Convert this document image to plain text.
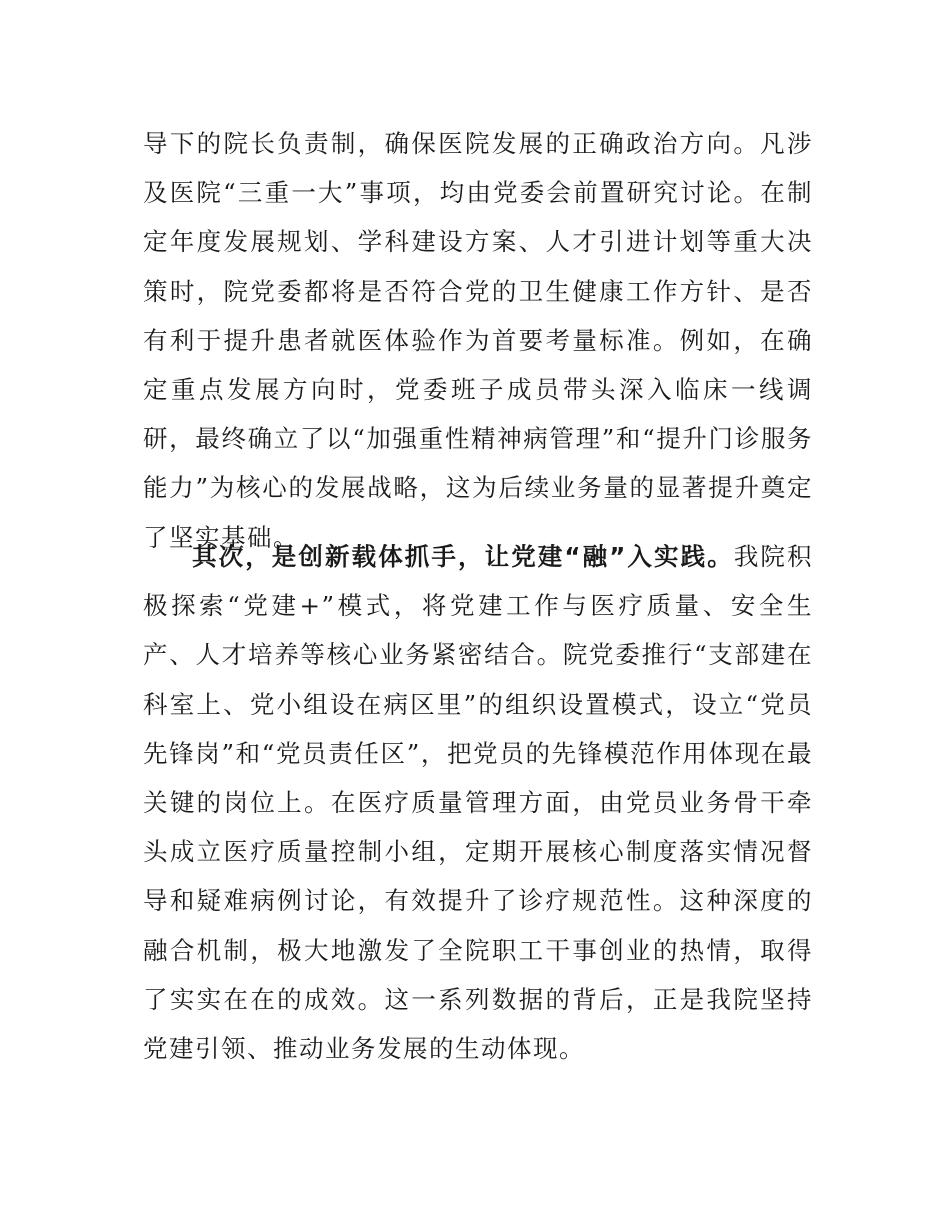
导下的院长负责制，确保医院发展的正确政治方向。凡涉及医院“三重一大”事项，均由党委会前置研究讨论。在制定年度发展规划、学科建设方案、人才引进计划等重大决策时，院党委都将是否符合党的卫生健康工作方针、是否有利于提升患者就医体验作为首要考量标准。例如，在确定重点发展方向时，党委班子成员带头深入临床一线调研，最终确立了以“加强重性精神病管理”和“提升门诊服务能力”为核心的发展战略，这为后续业务量的显著提升奠定了坚实基础。

其次，是创新载体抓手，让党建“融”入实践。我院积极探索“党建+”模式，将党建工作与医疗质量、安全生产、人才培养等核心业务紧密结合。院党委推行“支部建在科室上、党小组设在病区里”的组织设置模式，设立“党员先锋岗”和“党员责任区”，把党员的先锋模范作用体现在最关键的岗位上。在医疗质量管理方面，由党员业务骨干牵头成立医疗质量控制小组，定期开展核心制度落实情况督导和疑难病例讨论，有效提升了诊疗规范性。这种深度的融合机制，极大地激发了全院职工干事创业的热情，取得了实实在在的成效。这一系列数据的背后，正是我院坚持党建引领、推动业务发展的生动体现。
